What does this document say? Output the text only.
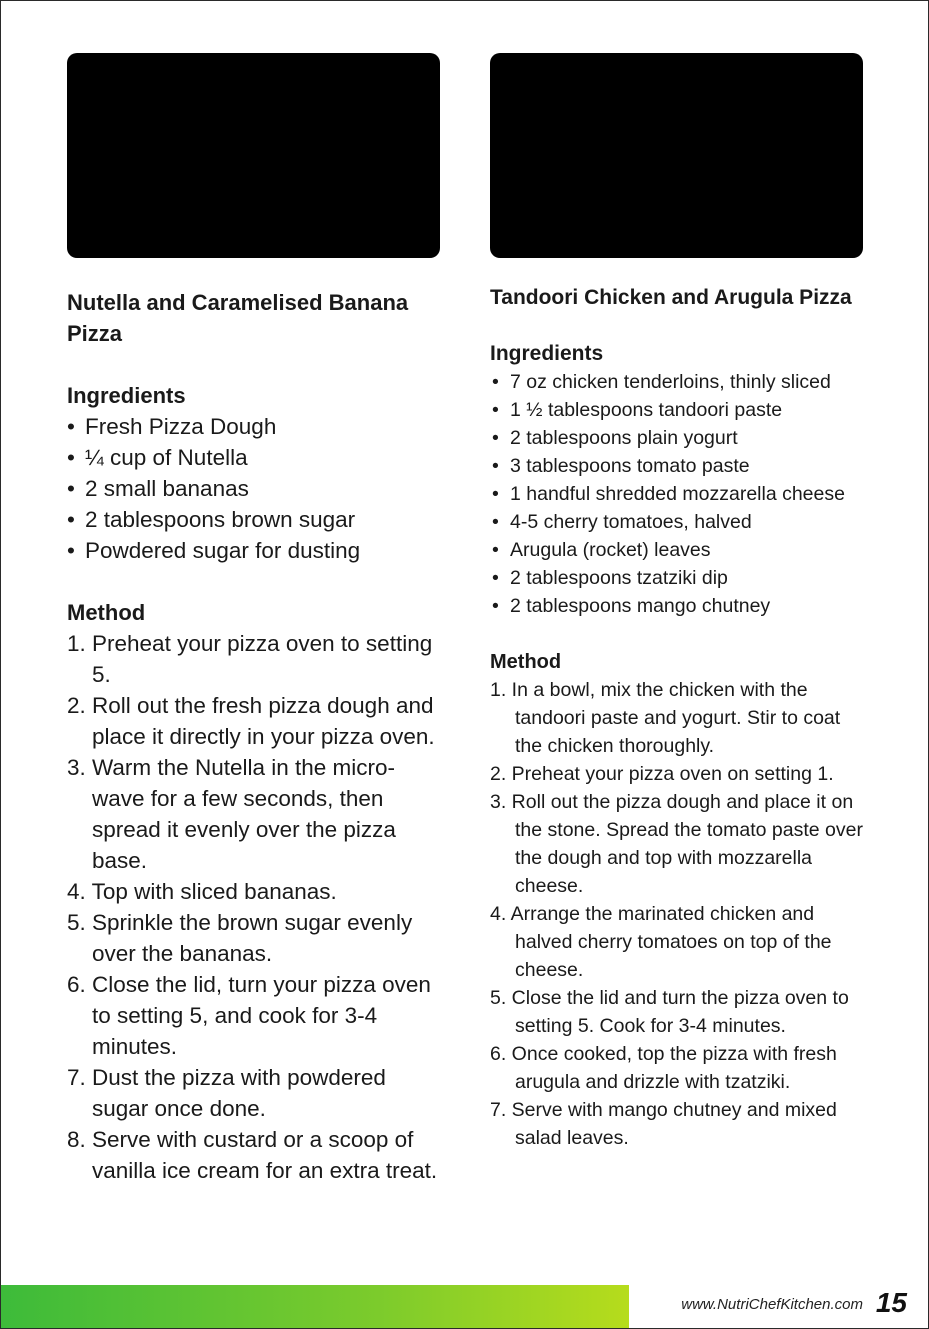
Nutella and Caramelised Banana Pizza
Ingredients
• Fresh Pizza Dough
• ¼ cup of Nutella
• 2 small bananas
• 2 tablespoons brown sugar
• Powdered sugar for dusting
Method
1. Preheat your pizza oven to setting 5.
2. Roll out the fresh pizza dough and place it directly in your pizza oven.
3. Warm the Nutella in the micro-wave for a few seconds, then spread it evenly over the pizza base.
4. Top with sliced bananas.
5. Sprinkle the brown sugar evenly over the bananas.
6. Close the lid, turn your pizza oven to setting 5, and cook for 3-4 minutes.
7. Dust the pizza with powdered sugar once done.
8. Serve with custard or a scoop of vanilla ice cream for an extra treat.
Tandoori Chicken and Arugula Pizza
Ingredients
• 7 oz chicken tenderloins, thinly sliced
• 1 ½ tablespoons tandoori paste
• 2 tablespoons plain yogurt
• 3 tablespoons tomato paste
• 1 handful shredded mozzarella cheese
• 4-5 cherry tomatoes, halved
• Arugula (rocket) leaves
• 2 tablespoons tzatziki dip
• 2 tablespoons mango chutney
Method
1. In a bowl, mix the chicken with the tandoori paste and yogurt. Stir to coat the chicken thoroughly.
2. Preheat your pizza oven on setting 1.
3. Roll out the pizza dough and place it on the stone. Spread the tomato paste over the dough and top with mozzarella cheese.
4. Arrange the marinated chicken and halved cherry tomatoes on top of the cheese.
5. Close the lid and turn the pizza oven to setting 5. Cook for 3-4 minutes.
6. Once cooked, top the pizza with fresh arugula and drizzle with tzatziki.
7. Serve with mango chutney and mixed salad leaves.
www.NutriChefKitchen.com 15
